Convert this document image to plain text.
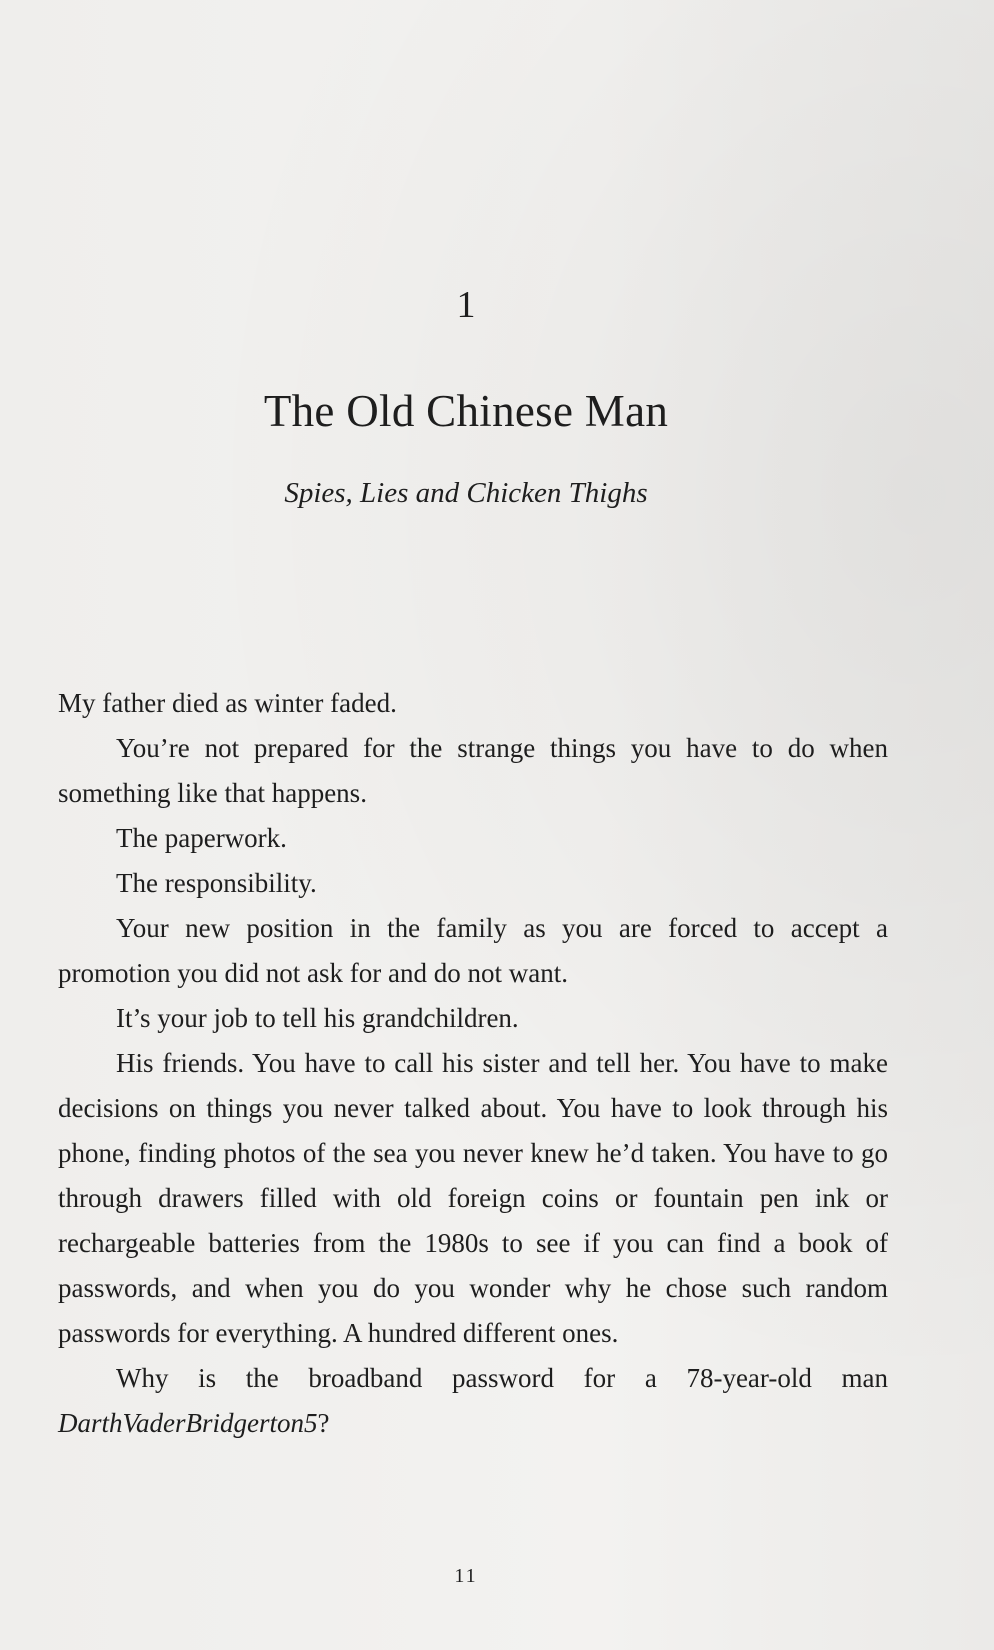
1
The Old Chinese Man
Spies, Lies and Chicken Thighs

My father died as winter faded.

You’re not prepared for the strange things you have to do when something like that happens.

The paperwork.

The responsibility.

Your new position in the family as you are forced to accept a promotion you did not ask for and do not want.

It’s your job to tell his grandchildren.

His friends. You have to call his sister and tell her. You have to make decisions on things you never talked about. You have to look through his phone, finding photos of the sea you never knew he’d taken. You have to go through drawers filled with old foreign coins or fountain pen ink or rechargeable batteries from the 1980s to see if you can find a book of passwords, and when you do you wonder why he chose such random passwords for everything. A hundred different ones.

Why is the broadband password for a 78-year-old man DarthVaderBridgerton5?

11
